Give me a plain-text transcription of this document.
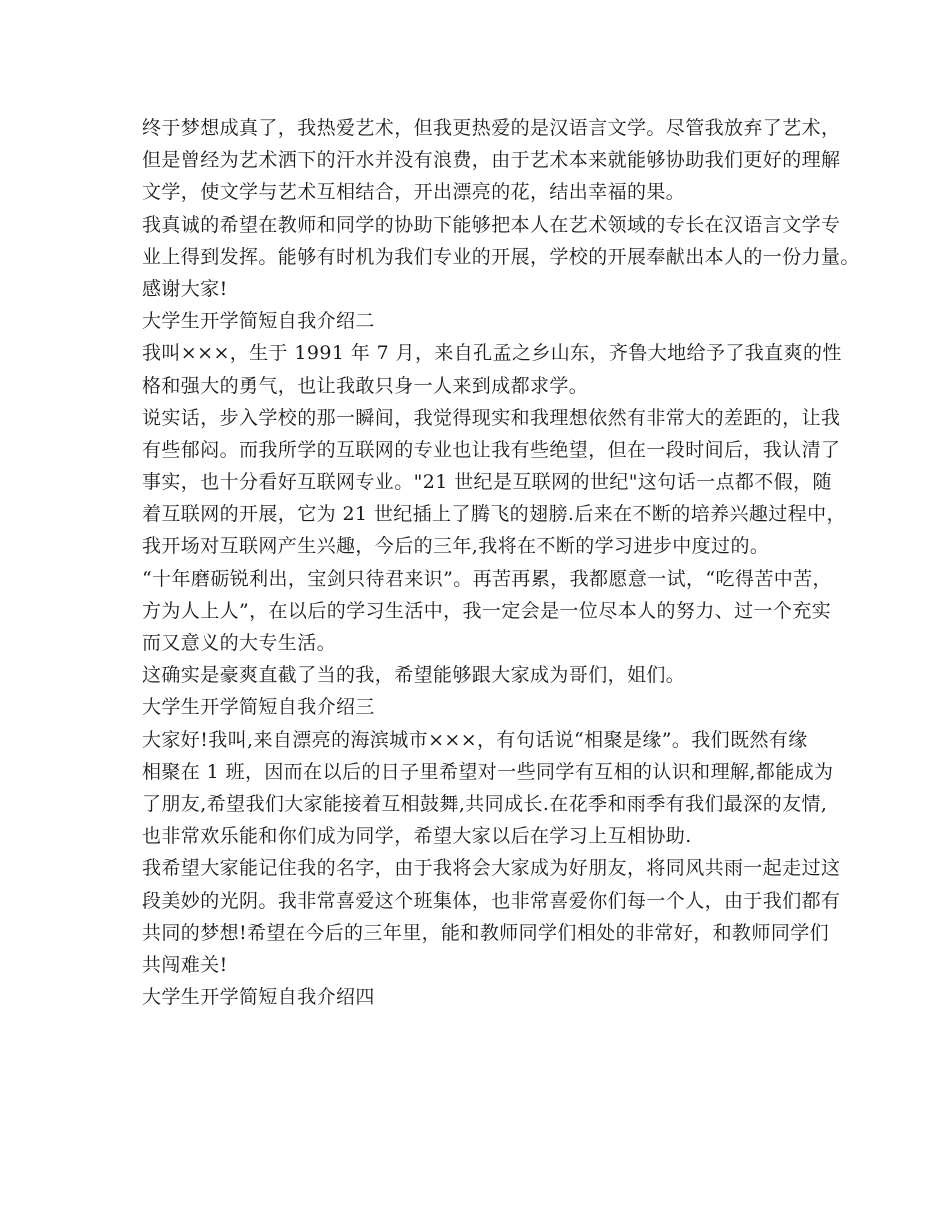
终于梦想成真了，我热爱艺术，但我更热爱的是汉语言文学。尽管我放弃了艺术，
但是曾经为艺术洒下的汗水并没有浪费，由于艺术本来就能够协助我们更好的理解
文学，使文学与艺术互相结合，开出漂亮的花，结出幸福的果。
我真诚的希望在教师和同学的协助下能够把本人在艺术领域的专长在汉语言文学专
业上得到发挥。能够有时机为我们专业的开展，学校的开展奉献出本人的一份力量。
感谢大家!
大学生开学简短自我介绍二
我叫×××，生于 1991 年 7 月，来自孔孟之乡山东，齐鲁大地给予了我直爽的性
格和强大的勇气，也让我敢只身一人来到成都求学。
说实话，步入学校的那一瞬间，我觉得现实和我理想依然有非常大的差距的，让我
有些郁闷。而我所学的互联网的专业也让我有些绝望，但在一段时间后，我认清了
事实，也十分看好互联网专业。"21 世纪是互联网的世纪"这句话一点都不假，随
着互联网的开展，它为 21 世纪插上了腾飞的翅膀.后来在不断的培养兴趣过程中，
我开场对互联网产生兴趣，今后的三年,我将在不断的学习进步中度过的。
“十年磨砺锐利出，宝剑只待君来识”。再苦再累，我都愿意一试，“吃得苦中苦，
方为人上人”，在以后的学习生活中，我一定会是一位尽本人的努力、过一个充实
而又意义的大专生活。
这确实是豪爽直截了当的我，希望能够跟大家成为哥们，姐们。
大学生开学简短自我介绍三
大家好!我叫,来自漂亮的海滨城市×××，有句话说“相聚是缘”。我们既然有缘
相聚在 1 班，因而在以后的日子里希望对一些同学有互相的认识和理解,都能成为
了朋友,希望我们大家能接着互相鼓舞,共同成长.在花季和雨季有我们最深的友情,
也非常欢乐能和你们成为同学，希望大家以后在学习上互相协助.
我希望大家能记住我的名字，由于我将会大家成为好朋友，将同风共雨一起走过这
段美妙的光阴。我非常喜爱这个班集体，也非常喜爱你们每一个人，由于我们都有
共同的梦想!希望在今后的三年里，能和教师同学们相处的非常好，和教师同学们
共闯难关!
大学生开学简短自我介绍四
